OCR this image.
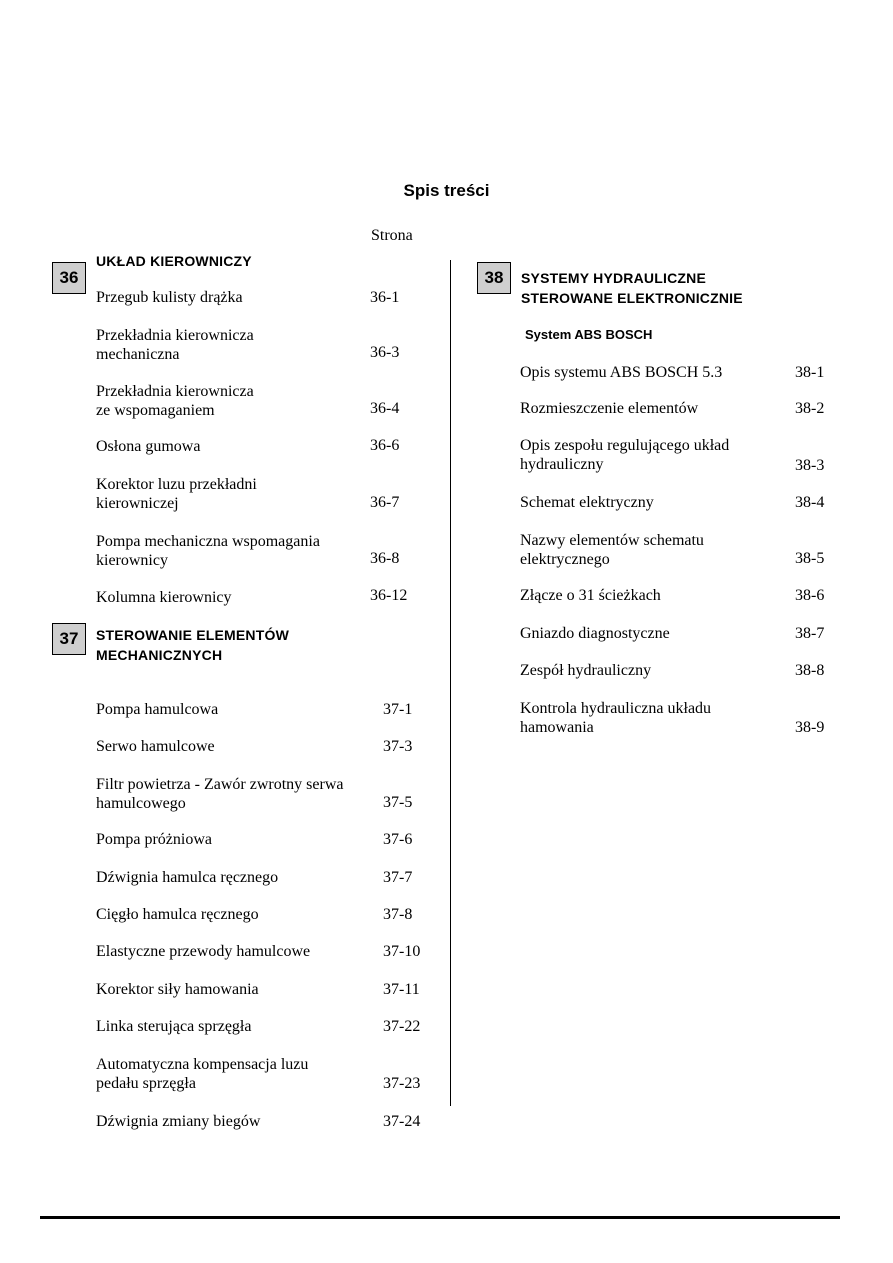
Spis treści
Strona
36
UKŁAD KIEROWNICZY
Przegub kulisty drążka	36-1
Przekładnia kierownicza
mechaniczna	36-3
Przekładnia kierownicza
ze wspomaganiem	36-4
Osłona gumowa	36-6
Korektor luzu przekładni
kierowniczej	36-7
Pompa mechaniczna wspomagania
kierownicy	36-8
Kolumna kierownicy	36-12
37	STEROWANIE ELEMENTÓW
MECHANICZNYCH
Pompa hamulcowa	37-1
Serwo hamulcowe	37-3
Filtr powietrza - Zawór zwrotny serwa
hamulcowego	37-5
Pompa próżniowa	37-6
Dźwignia hamulca ręcznego	37-7
Cięgło hamulca ręcznego	37-8
Elastyczne przewody hamulcowe	37-10
Korektor siły hamowania	37-11
Linka sterująca sprzęgła	37-22
Automatyczna kompensacja luzu
pedału sprzęgła	37-23
Dźwignia zmiany biegów	37-24
38	SYSTEMY HYDRAULICZNE
STEROWANE ELEKTRONICZNIE
System ABS BOSCH
Opis systemu ABS BOSCH 5.3	38-1
Rozmieszczenie elementów	38-2
Opis zespołu regulującego układ
hydrauliczny	38-3
Schemat elektryczny	38-4
Nazwy elementów schematu
elektrycznego	38-5
Złącze o 31 ścieżkach	38-6
Gniazdo diagnostyczne	38-7
Zespół hydrauliczny	38-8
Kontrola hydrauliczna układu
hamowania	38-9
